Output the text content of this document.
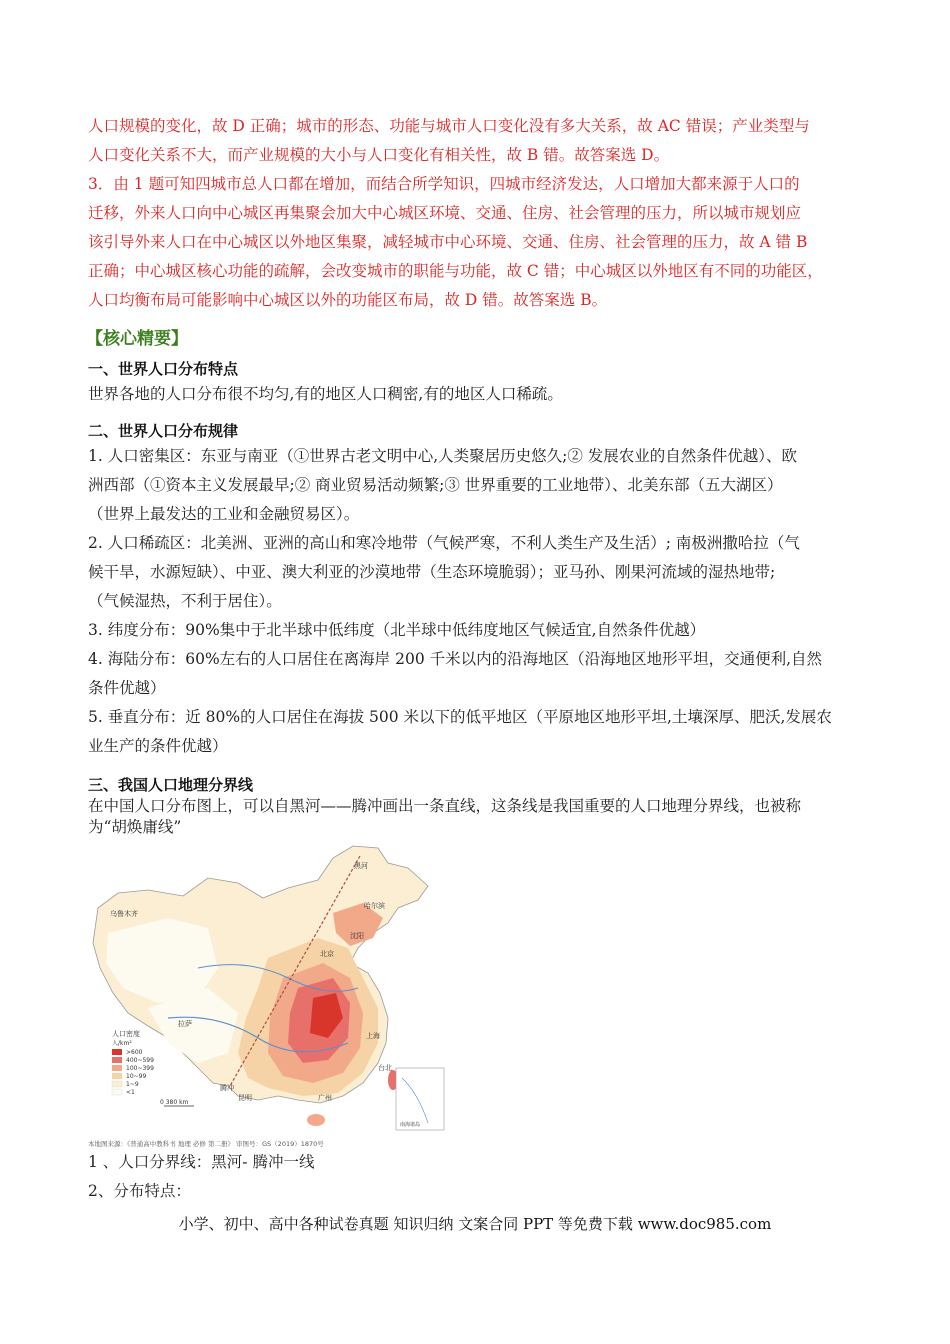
人口规模的变化，故 D 正确；城市的形态、功能与城市人口变化没有多大关系，故 AC 错误；产业类型与
人口变化关系不大，而产业规模的大小与人口变化有相关性，故 B 错。故答案选 D。
3．由 1 题可知四城市总人口都在增加，而结合所学知识，四城市经济发达，人口增加大都来源于人口的
迁移，外来人口向中心城区再集聚会加大中心城区环境、交通、住房、社会管理的压力，所以城市规划应
该引导外来人口在中心城区以外地区集聚，减轻城市中心环境、交通、住房、社会管理的压力，故 A 错 B
正确；中心城区核心功能的疏解，会改变城市的职能与功能，故 C 错；中心城区以外地区有不同的功能区，
人口均衡布局可能影响中心城区以外的功能区布局，故 D 错。故答案选 B。
【核心精要】
一、世界人口分布特点
世界各地的人口分布很不均匀,有的地区人口稠密,有的地区人口稀疏。
二、世界人口分布规律
1. 人口密集区：东亚与南亚（①世界古老文明中心,人类聚居历史悠久;② 发展农业的自然条件优越）、欧
洲西部（①资本主义发展最早;② 商业贸易活动频繁;③ 世界重要的工业地带）、北美东部（五大湖区）
（世界上最发达的工业和金融贸易区）。
2. 人口稀疏区：北美洲、亚洲的高山和寒冷地带（气候严寒，不利人类生产及生活）; 南极洲撒哈拉（气
候干旱，水源短缺）、中亚、澳大利亚的沙漠地带（生态环境脆弱）；亚马孙、刚果河流域的湿热地带;
（气候湿热，不利于居住）。
3. 纬度分布：90%集中于北半球中低纬度（北半球中低纬度地区气候适宜,自然条件优越）
4. 海陆分布：60%左右的人口居住在离海岸 200 千米以内的沿海地区（沿海地区地形平坦，交通便利,自然
条件优越）
5. 垂直分布：近 80%的人口居住在海拔 500 米以下的低平地区（平原地区地形平坦,土壤深厚、肥沃,发展农
业生产的条件优越）
三、我国人口地理分界线
在中国人口分布图上，可以自黑河——腾冲画出一条直线，这条线是我国重要的人口地理分界线，也被称
为“胡焕庸线”
黑河
哈尔滨
乌鲁木齐
北京
沈阳
拉萨
上海
腾冲
昆明
台北
广州
南海诸岛
人口密度
人/km²
>600
400~599
100~399
10~99
1~9
<1
0 380 km
本地图来源：《普通高中教科书 地理 必修 第二册》 审图号：GS（2019）1870号
1 、人口分界线：黑河- 腾冲一线
2、分布特点：
小学、初中、高中各种试卷真题 知识归纳 文案合同 PPT 等免费下载 www.doc985.com
